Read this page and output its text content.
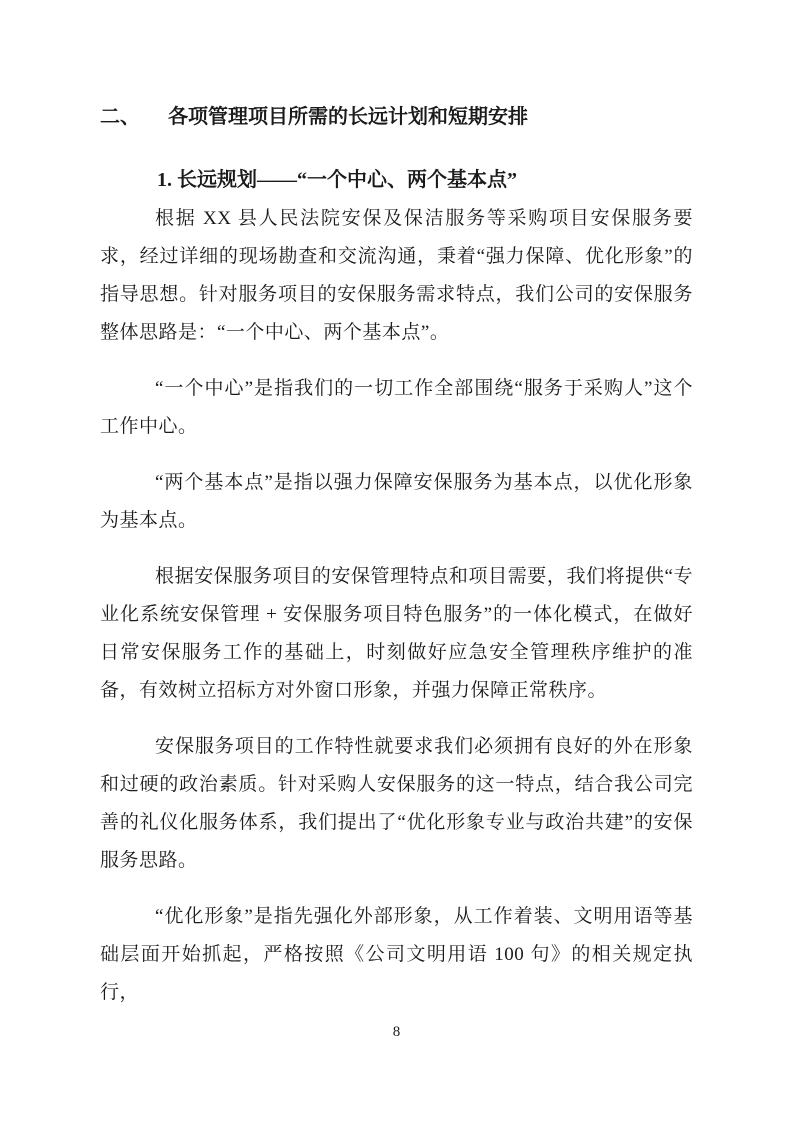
二、 各项管理项目所需的长远计划和短期安排
1. 长远规划——“一个中心、两个基本点”

根据 XX 县人民法院安保及保洁服务等采购项目安保服务要求，经过详细的现场勘查和交流沟通，秉着“强力保障、优化形象”的指导思想。针对服务项目的安保服务需求特点，我们公司的安保服务整体思路是：“一个中心、两个基本点”。

“一个中心”是指我们的一切工作全部围绕“服务于采购人”这个工作中心。

“两个基本点”是指以强力保障安保服务为基本点，以优化形象为基本点。

根据安保服务项目的安保管理特点和项目需要，我们将提供“专业化系统安保管理 + 安保服务项目特色服务”的一体化模式，在做好日常安保服务工作的基础上，时刻做好应急安全管理秩序维护的准备，有效树立招标方对外窗口形象，并强力保障正常秩序。

安保服务项目的工作特性就要求我们必须拥有良好的外在形象和过硬的政治素质。针对采购人安保服务的这一特点，结合我公司完善的礼仪化服务体系，我们提出了“优化形象专业与政治共建”的安保服务思路。

“优化形象”是指先强化外部形象，从工作着装、文明用语等基础层面开始抓起，严格按照《公司文明用语 100 句》的相关规定执行，

8
